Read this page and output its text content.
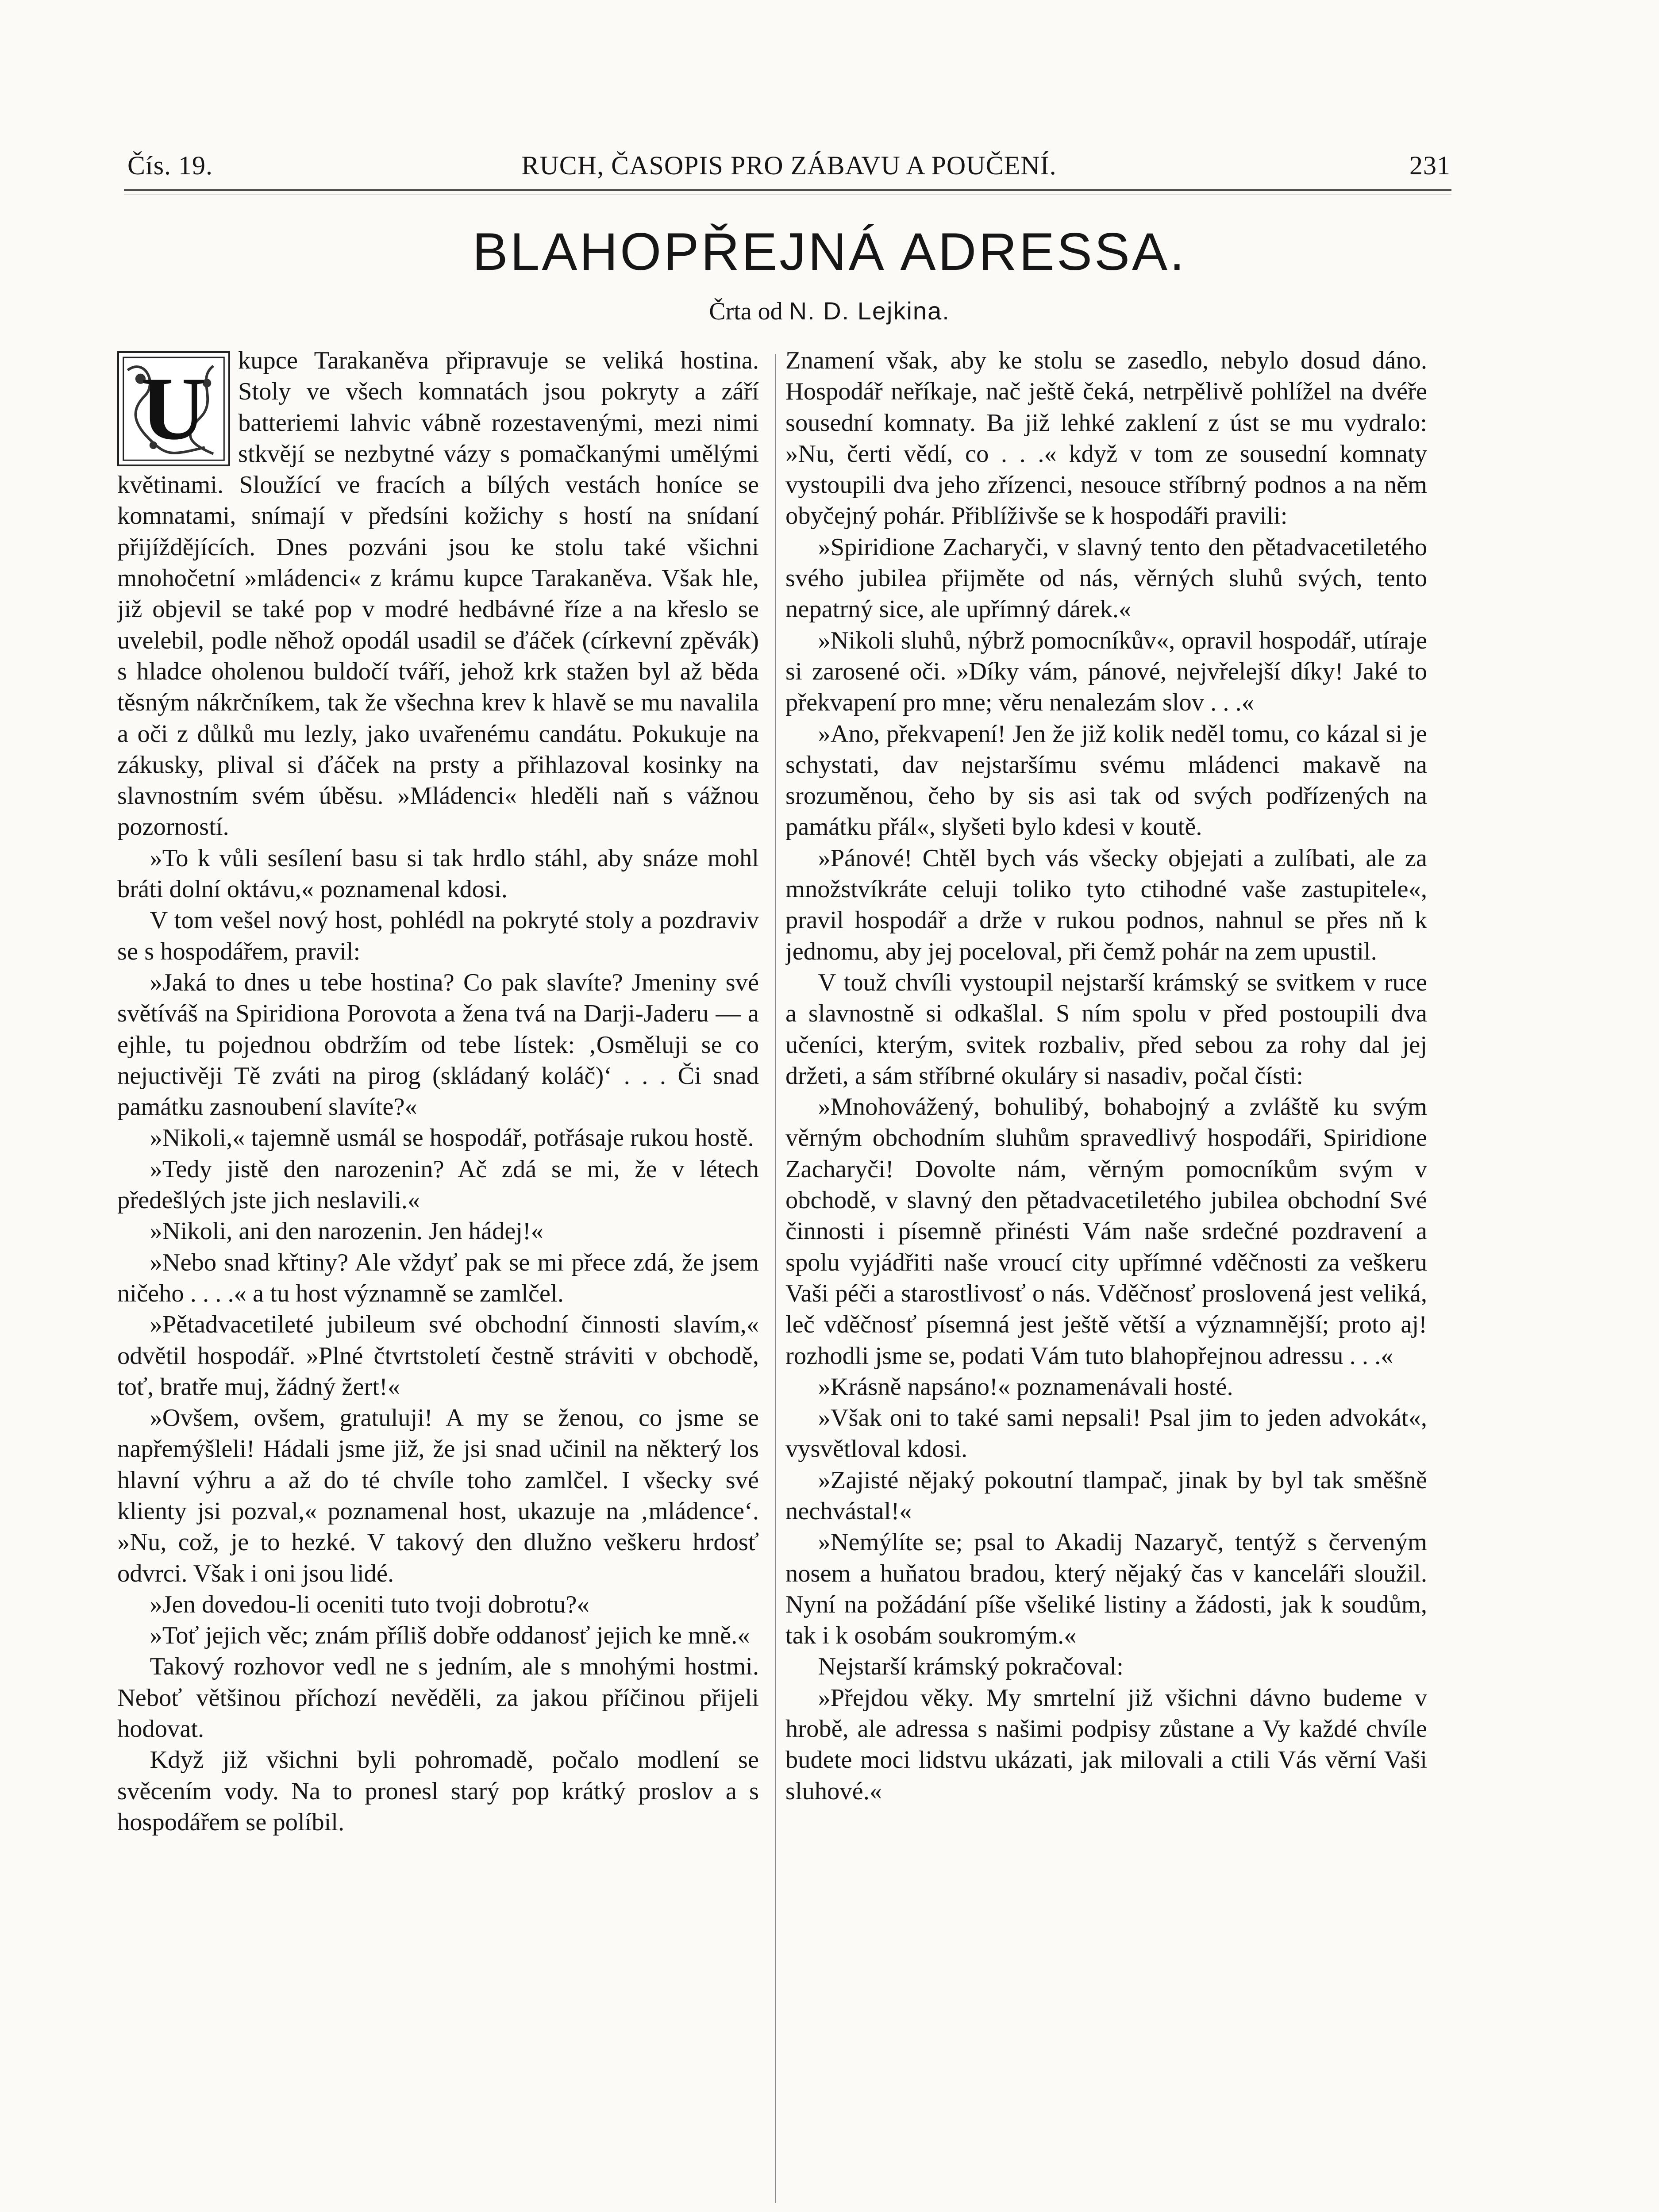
Čís. 19.	RUCH, ČASOPIS PRO ZÁBAVU A POUČENÍ.	231
BLAHOPŘEJNÁ ADRESSA.
Črta od N. D. Lejkina.
U	kupce Tarakaněva připravuje se veliká hostina. Stoly ve všech komnatách jsou pokryty a září batteriemi lahvic vábně rozestavenými, mezi nimi stkvějí se nezbytné vázy s pomačkanými umělými květinami. Sloužící ve fracích a bílých vestách honíce se komnatami, snímají v předsíni kožichy s hostí na snídaní přijíždějících. Dnes pozváni jsou ke stolu také všichni mnohočetní »mládenci« z krámu kupce Tarakaněva. Však hle, již objevil se také pop v modré hedbávné říze a na křeslo se uvelebil, podle něhož opodál usadil se ďáček (církevní zpěvák) s hladce oholenou buldočí tváří, jehož krk stažen byl až běda těsným nákrčníkem, tak že všechna krev k hlavě se mu navalila a oči z důlků mu lezly, jako uvařenému candátu. Pokukuje na zákusky, plival si ďáček na prsty a přihlazoval kosinky na slavnostním svém úběsu. »Mládenci« hleděli naň s vážnou pozorností.

»To k vůli sesílení basu si tak hrdlo stáhl, aby snáze mohl bráti dolní oktávu,« poznamenal kdosi.

V tom vešel nový host, pohlédl na pokryté stoly a pozdraviv se s hospodářem, pravil:

»Jaká to dnes u tebe hostina? Co pak slavíte? Jmeniny své světíváš na Spiridiona Porovota a žena tvá na Darji-Jaderu — a ejhle, tu pojednou obdržím od tebe lístek: ‚Osměluji se co nejuctivěji Tě zváti na pirog (skládaný koláč)‘ . . . Či snad památku zasnoubení slavíte?«

»Nikoli,« tajemně usmál se hospodář, potřásaje rukou hostě.

»Tedy jistě den narozenin? Ač zdá se mi, že v létech předešlých jste jich neslavili.«

»Nikoli, ani den narozenin. Jen hádej!«

»Nebo snad křtiny? Ale vždyť pak se mi přece zdá, že jsem ničeho . . . .« a tu host významně se zamlčel.

»Pětadvacetileté jubileum své obchodní činnosti slavím,« odvětil hospodář. »Plné čtvrtstoletí čestně stráviti v obchodě, toť, bratře muj, žádný žert!«

»Ovšem, ovšem, gratuluji! A my se ženou, co jsme se napřemýšleli! Hádali jsme již, že jsi snad učinil na některý los hlavní výhru a až do té chvíle toho zamlčel. I všecky své klienty jsi pozval,« poznamenal host, ukazuje na ‚mládence‘. »Nu, což, je to hezké. V takový den dlužno veškeru hrdosť odvrci. Však i oni jsou lidé.

»Jen dovedou-li oceniti tuto tvoji dobrotu?«

»Toť jejich věc; znám příliš dobře oddanosť jejich ke mně.«

Takový rozhovor vedl ne s jedním, ale s mnohými hostmi. Neboť většinou příchozí nevěděli, za jakou příčinou přijeli hodovat.

Když již všichni byli pohromadě, počalo modlení se svěcením vody. Na to pronesl starý pop krátký proslov a s hospodářem se políbil.

Znamení však, aby ke stolu se zasedlo, nebylo dosud dáno. Hospodář neříkaje, nač ještě čeká, netrpělivě pohlížel na dvéře sousední komnaty. Ba již lehké zaklení z úst se mu vydralo: »Nu, čerti vědí, co . . .« když v tom ze sousední komnaty vystoupili dva jeho zřízenci, nesouce stříbrný podnos a na něm obyčejný pohár. Přiblíživše se k hospodáři pravili:

»Spiridione Zacharyči, v slavný tento den pětadvacetiletého svého jubilea přijměte od nás, věrných sluhů svých, tento nepatrný sice, ale upřímný dárek.«

»Nikoli sluhů, nýbrž pomocníkův«, opravil hospodář, utíraje si zarosené oči. »Díky vám, pánové, nejvřelejší díky! Jaké to překvapení pro mne; věru nenalezám slov . . .«

»Ano, překvapení! Jen že již kolik neděl tomu, co kázal si je schystati, dav nejstaršímu svému mládenci makavě na srozuměnou, čeho by sis asi tak od svých podřízených na památku přál«, slyšeti bylo kdesi v koutě.

»Pánové! Chtěl bych vás všecky objejati a zulíbati, ale za množstvíkráte celuji toliko tyto ctihodné vaše zastupitele«, pravil hospodář a drže v rukou podnos, nahnul se přes nň k jednomu, aby jej poceloval, při čemž pohár na zem upustil.

V touž chvíli vystoupil nejstarší krámský se svitkem v ruce a slavnostně si odkašlal. S ním spolu v před postoupili dva učeníci, kterým, svitek rozbaliv, před sebou za rohy dal jej držeti, a sám stříbrné okuláry si nasadiv, počal čísti:

»Mnohovážený, bohulibý, bohabojný a zvláště ku svým věrným obchodním sluhům spravedlivý hospodáři, Spiridione Zacharyči! Dovolte nám, věrným pomocníkům svým v obchodě, v slavný den pětadvacetiletého jubilea obchodní Své činnosti i písemně přinésti Vám naše srdečné pozdravení a spolu vyjádřiti naše vroucí city upřímné vděčnosti za veškeru Vaši péči a starostlivosť o nás. Vděčnosť proslovená jest veliká, leč vděčnosť písemná jest ještě větší a významnější; proto aj! rozhodli jsme se, podati Vám tuto blahopřejnou adressu . . .«

»Krásně napsáno!« poznamenávali hosté.

»Však oni to také sami nepsali! Psal jim to jeden advokát«, vysvětloval kdosi.

»Zajisté nějaký pokoutní tlampač, jinak by byl tak směšně nechvástal!«

»Nemýlíte se; psal to Akadij Nazaryč, tentýž s červeným nosem a huňatou bradou, který nějaký čas v kanceláři sloužil. Nyní na požádání píše všeliké listiny a žádosti, jak k soudům, tak i k osobám soukromým.«

Nejstarší krámský pokračoval:

»Přejdou věky. My smrtelní již všichni dávno budeme v hrobě, ale adressa s našimi podpisy zůstane a Vy každé chvíle budete moci lidstvu ukázati, jak milovali a ctili Vás věrní Vaši sluhové.«
